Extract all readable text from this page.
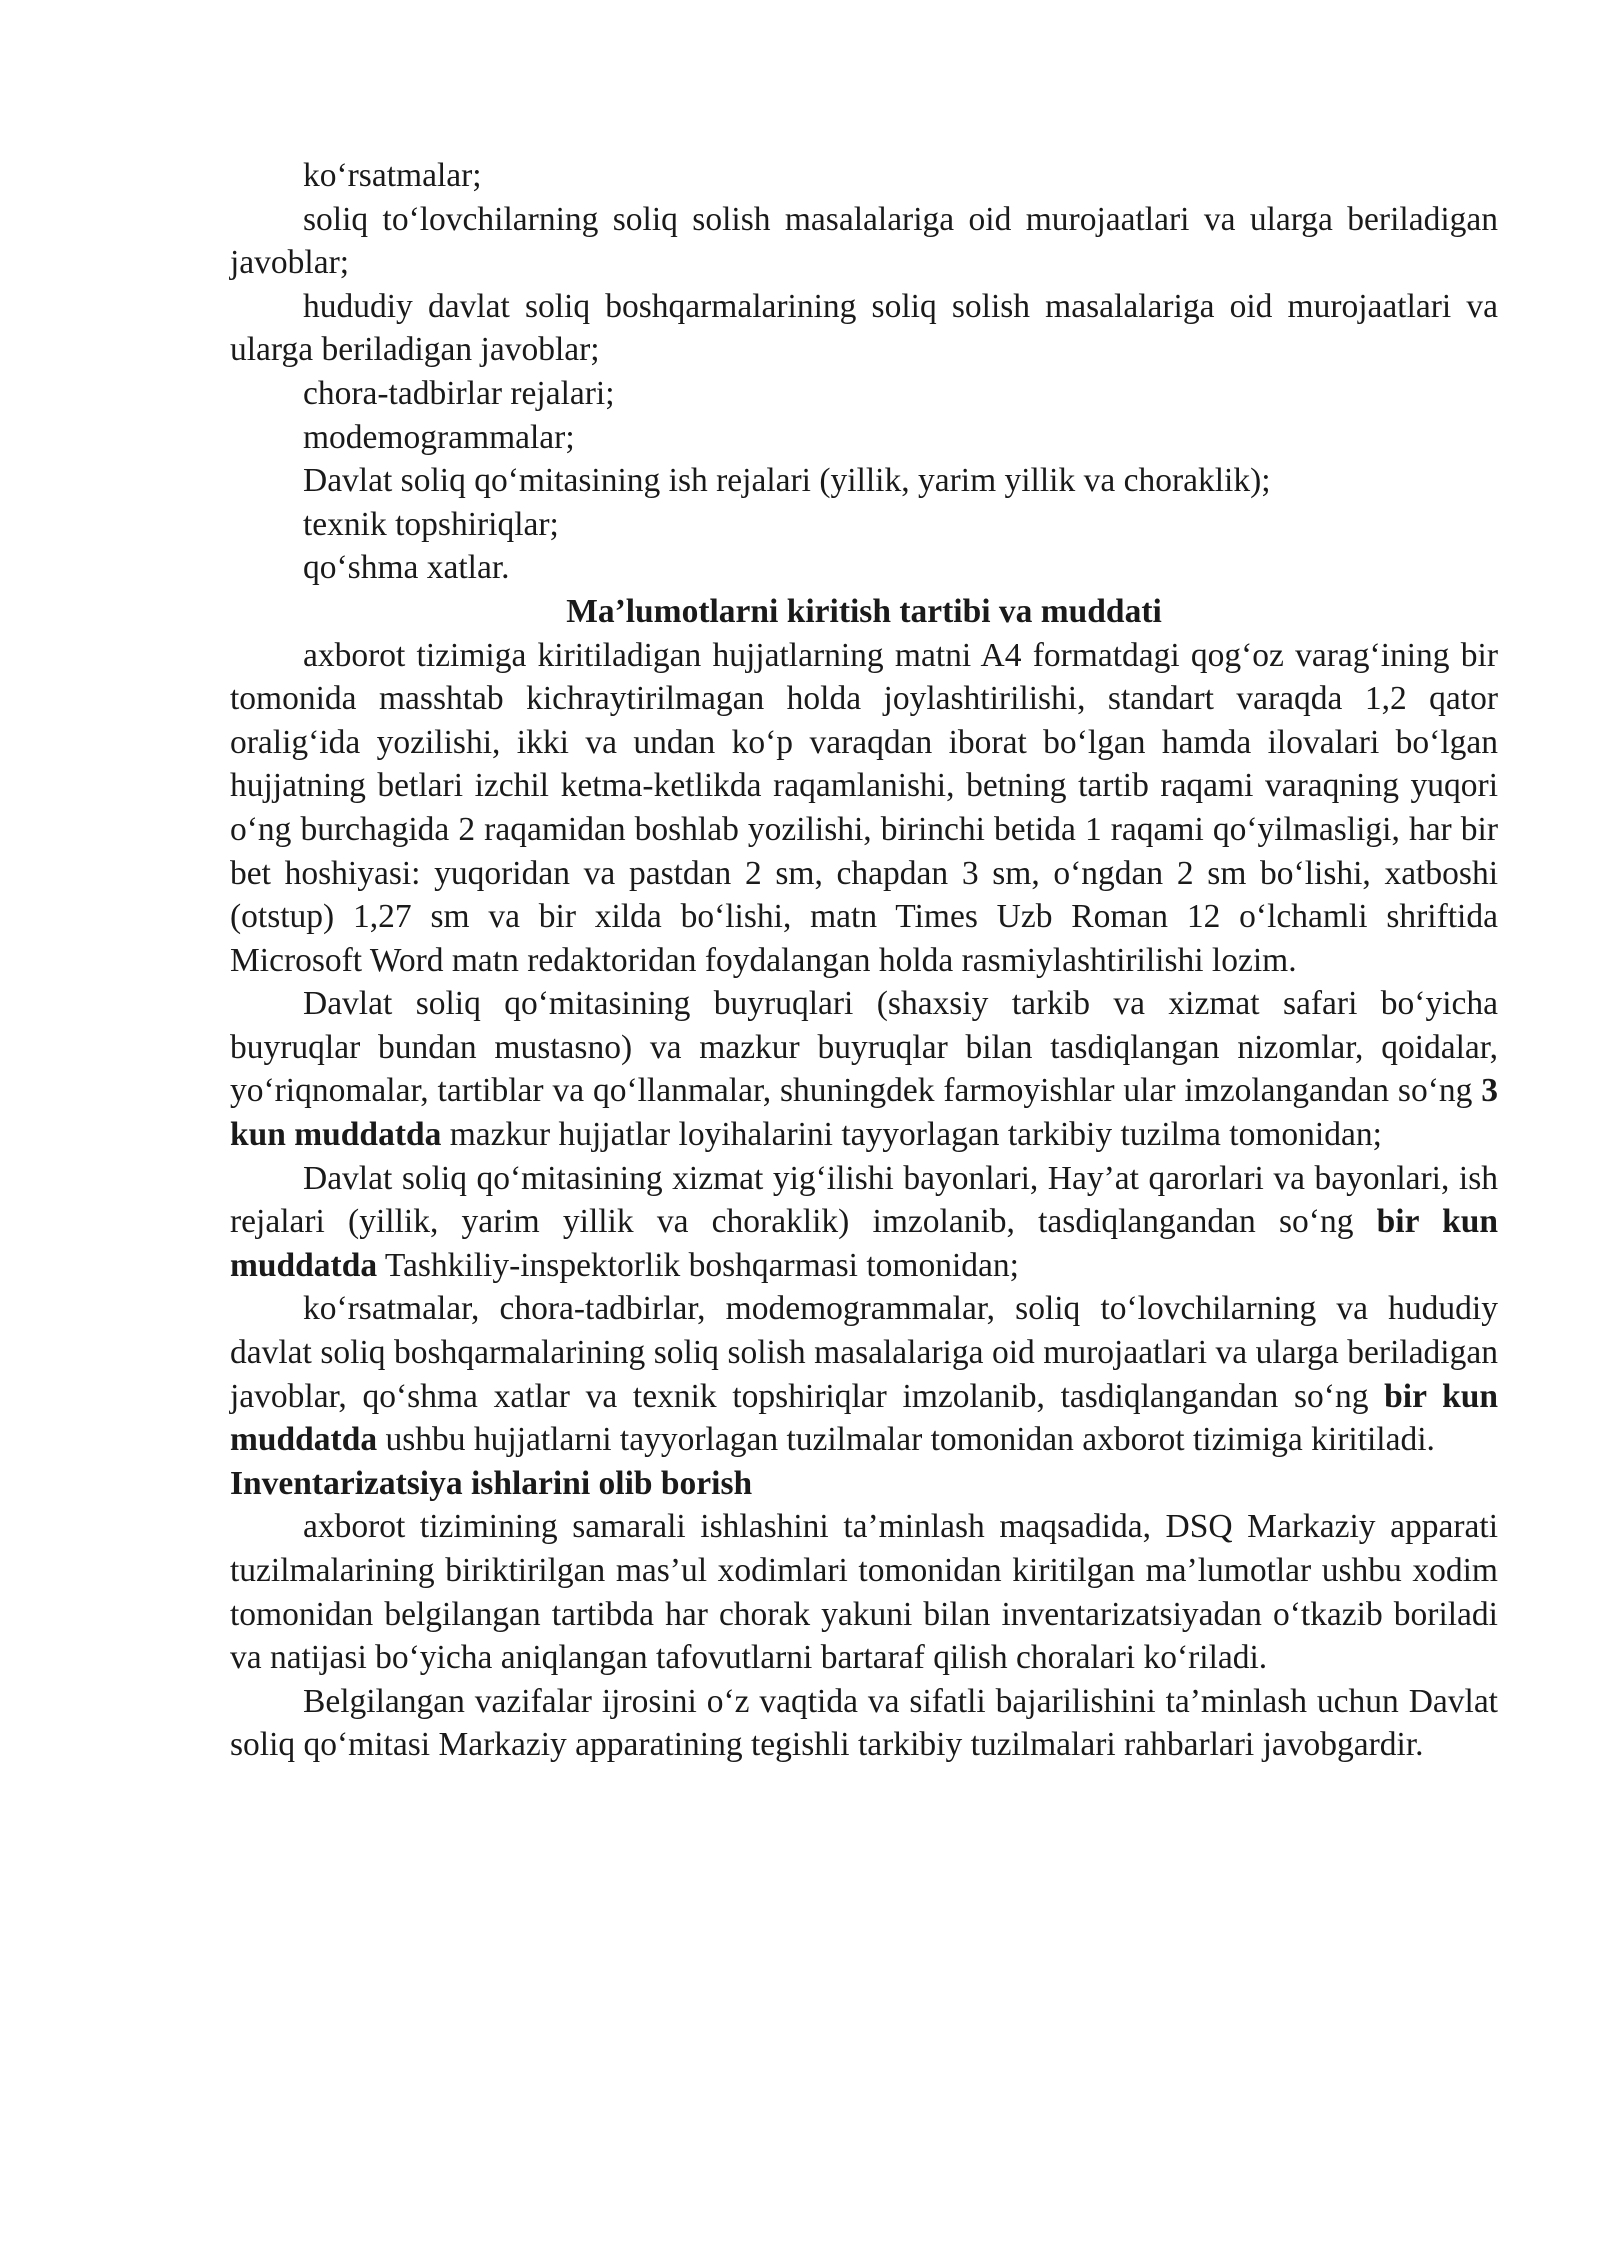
ko‘rsatmalar;

soliq to‘lovchilarning soliq solish masalalariga oid murojaatlari va ularga beriladigan javoblar;

hududiy davlat soliq boshqarmalarining soliq solish masalalariga oid murojaatlari va ularga beriladigan javoblar;

chora-tadbirlar rejalari;

modemogrammalar;

Davlat soliq qo‘mitasining ish rejalari (yillik, yarim yillik va choraklik);

texnik topshiriqlar;

qo‘shma xatlar.

Ma’lumotlarni kiritish tartibi va muddati

axborot tizimiga kiritiladigan hujjatlarning matni A4 formatdagi qog‘oz varag‘ining bir tomonida masshtab kichraytirilmagan holda joylashtirilishi, standart varaqda 1,2 qator oralig‘ida yozilishi, ikki va undan ko‘p varaqdan iborat bo‘lgan hamda ilovalari bo‘lgan hujjatning betlari izchil ketma-ketlikda raqamlanishi, betning tartib raqami varaqning yuqori o‘ng burchagida 2 raqamidan boshlab yozilishi, birinchi betida 1 raqami qo‘yilmasligi, har bir bet hoshiyasi: yuqoridan va pastdan 2 sm, chapdan 3 sm, o‘ngdan 2 sm bo‘lishi, xatboshi (otstup) 1,27 sm va bir xilda bo‘lishi, matn Times Uzb Roman 12 o‘lchamli shriftida Microsoft Word matn redaktoridan foydalangan holda rasmiylashtirilishi lozim.

Davlat soliq qo‘mitasining buyruqlari (shaxsiy tarkib va xizmat safari bo‘yicha buyruqlar bundan mustasno) va mazkur buyruqlar bilan tasdiqlangan nizomlar, qoidalar, yo‘riqnomalar, tartiblar va qo‘llanmalar, shuningdek farmoyishlar ular imzolangandan so‘ng 3 kun muddatda mazkur hujjatlar loyihalarini tayyorlagan tarkibiy tuzilma tomonidan;

Davlat soliq qo‘mitasining xizmat yig‘ilishi bayonlari, Hay’at qarorlari va bayonlari, ish rejalari (yillik, yarim yillik va choraklik) imzolanib, tasdiqlangandan so‘ng bir kun muddatda Tashkiliy-inspektorlik boshqarmasi tomonidan;

ko‘rsatmalar, chora-tadbirlar, modemogrammalar, soliq to‘lovchilarning va hududiy davlat soliq boshqarmalarining soliq solish masalalariga oid murojaatlari va ularga beriladigan javoblar, qo‘shma xatlar va texnik topshiriqlar imzolanib, tasdiqlangandan so‘ng bir kun muddatda ushbu hujjatlarni tayyorlagan tuzilmalar tomonidan axborot tizimiga kiritiladi.

Inventarizatsiya ishlarini olib borish

axborot tizimining samarali ishlashini ta’minlash maqsadida, DSQ Markaziy apparati tuzilmalarining biriktirilgan mas’ul xodimlari tomonidan kiritilgan ma’lumotlar ushbu xodim tomonidan belgilangan tartibda har chorak yakuni bilan inventarizatsiyadan o‘tkazib boriladi va natijasi bo‘yicha aniqlangan tafovutlarni bartaraf qilish choralari ko‘riladi.

Belgilangan vazifalar ijrosini o‘z vaqtida va sifatli bajarilishini ta’minlash uchun Davlat soliq qo‘mitasi Markaziy apparatining tegishli tarkibiy tuzilmalari rahbarlari javobgardir.
